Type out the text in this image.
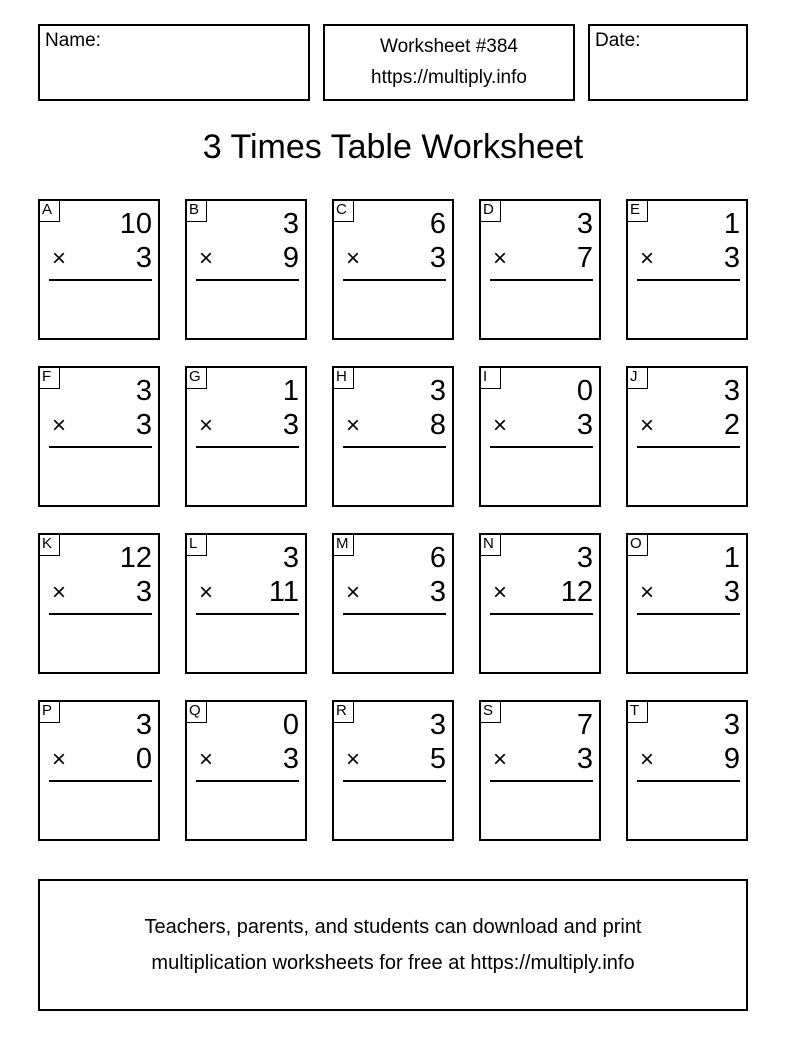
Name:	Worksheet #384
https://multiply.info
Date:
3 Times Table Worksheet
A 10
× 3
B	3
× 9
C	6
× 3
D	3
× 7
E	1
× 3
F	3
× 3
G	1
× 3
H	3
× 8
I	0
× 3
J	3
× 2
K 12
× 3
L	3
× 11
M	6
× 3
N	3
× 12
O	1
× 3
P	3
× 0
Q	0
× 3
R	3
× 5
S	7
× 3
T	3
× 9
Teachers, parents, and students can download and print
multiplication worksheets for free at https://multiply.info
